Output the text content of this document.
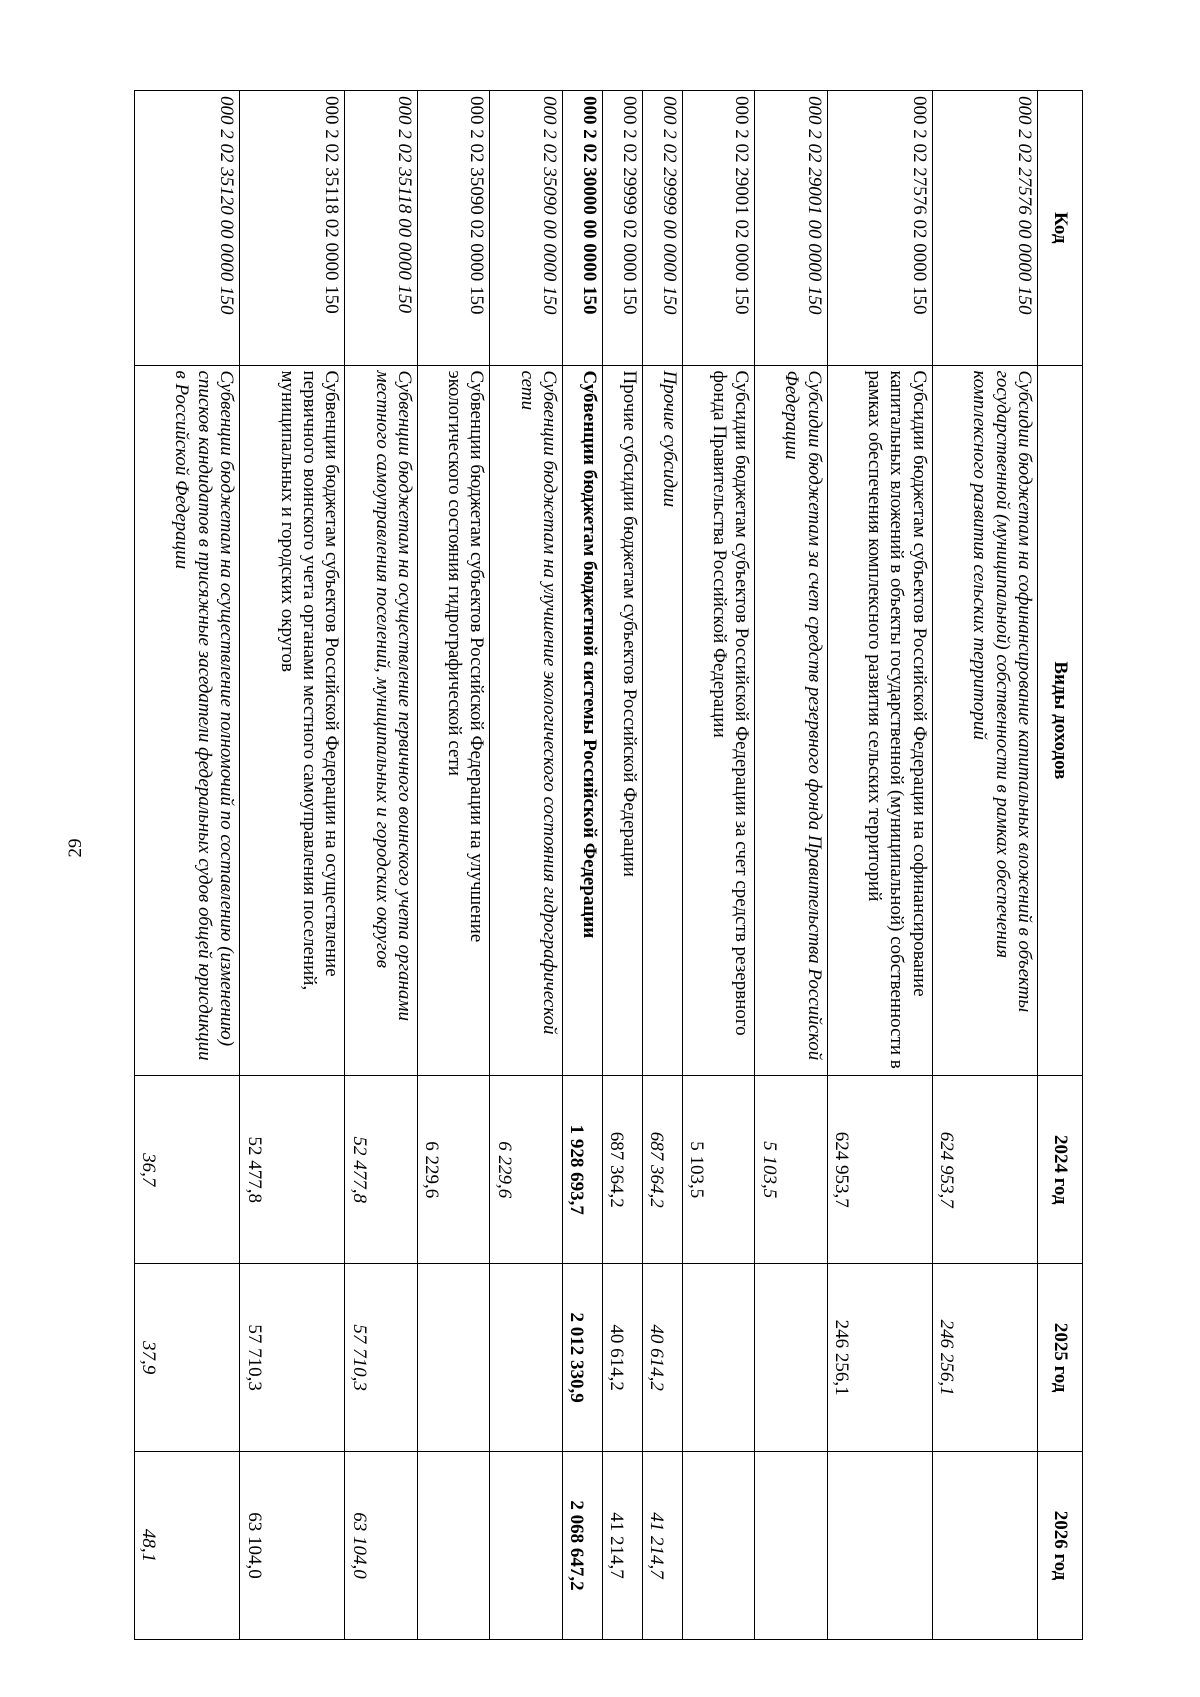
29
Код	Виды доходов	2024 год	2025 год	2026 год
000 2 02 27576 00 0000 150	Субсидии бюджетам на софинансирование капитальных вложений в объекты государственной (муниципальной) собственности в рамках обеспечения комплексного развития сельских территорий	624 953,7	246 256,1	
000 2 02 27576 02 0000 150	Субсидии бюджетам субъектов Российской Федерации на софинансирование капитальных вложений в объекты государственной (муниципальной) собственности в рамках обеспечения комплексного развития сельских территорий	624 953,7	246 256,1	
000 2 02 29001 00 0000 150	Субсидии бюджетам за счет средств резервного фонда Правительства Российской Федерации	5 103,5		
000 2 02 29001 02 0000 150	Субсидии бюджетам субъектов Российской Федерации за счет средств резервного фонда Правительства Российской Федерации	5 103,5		
000 2 02 29999 00 0000 150	Прочие субсидии	687 364,2	40 614,2	41 214,7
000 2 02 29999 02 0000 150	Прочие субсидии бюджетам субъектов Российской Федерации	687 364,2	40 614,2	41 214,7
000 2 02 30000 00 0000 150	Субвенции бюджетам бюджетной системы Российской Федерации	1 928 693,7	2 012 330,9	2 068 647,2
000 2 02 35090 00 0000 150	Субвенции бюджетам на улучшение экологического состояния гидрографической сети	6 229,6		
000 2 02 35090 02 0000 150	Субвенции бюджетам субъектов Российской Федерации на улучшение экологического состояния гидрографической сети	6 229,6		
000 2 02 35118 00 0000 150	Субвенции бюджетам на осуществление первичного воинского учета органами местного самоуправления поселений, муниципальных и городских округов	52 477,8	57 710,3	63 104,0
000 2 02 35118 02 0000 150	Субвенции бюджетам субъектов Российской Федерации на осуществление первичного воинского учета органами местного самоуправления поселений, муниципальных и городских округов	52 477,8	57 710,3	63 104,0
000 2 02 35120 00 0000 150	Субвенции бюджетам на осуществление полномочий по составлению (изменению) списков кандидатов в присяжные заседатели федеральных судов общей юрисдикции в Российской Федерации	36,7	37,9	48,1
